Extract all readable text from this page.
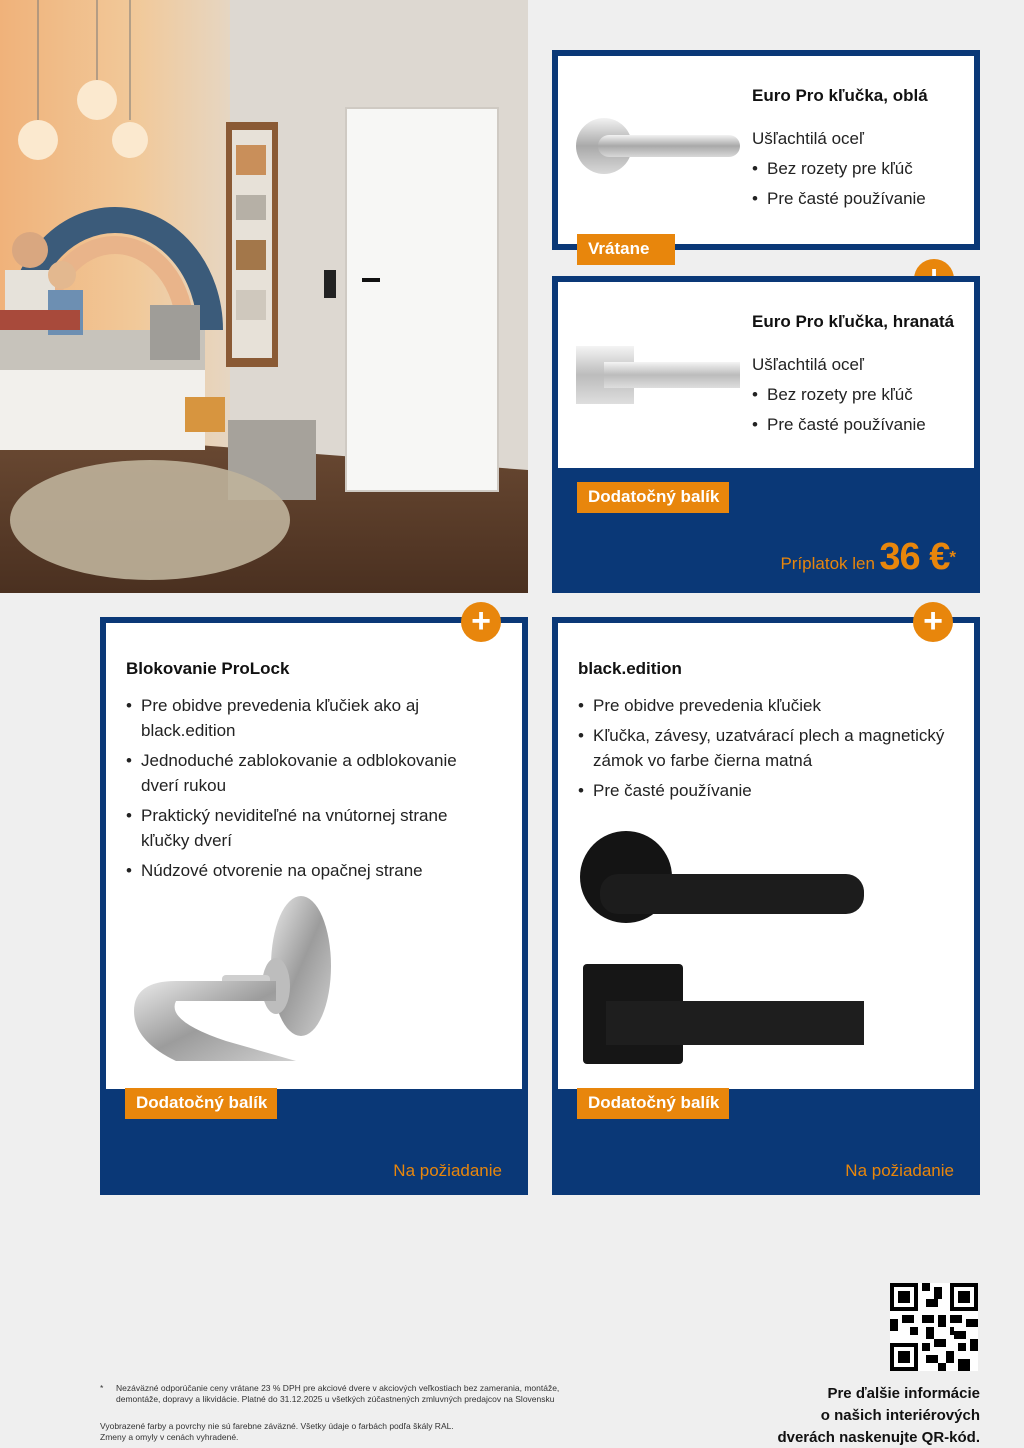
Euro Pro kľučka, oblá
Ušľachtilá oceľ
• Bez rozety pre kľúč
• Pre časté používanie
Vrátane
Euro Pro kľučka, hranatá
Ušľachtilá oceľ
• Bez rozety pre kľúč
• Pre časté používanie
Dodatočný balík
Príplatok len 36 €*
Blokovanie ProLock
• Pre obidve prevedenia kľučiek ako aj black.edition
• Jednoduché zablokovanie a odblokovanie dverí rukou
• Praktický neviditeľné na vnútornej strane kľučky dverí
• Núdzové otvorenie na opačnej strane
Dodatočný balík
Na požiadanie
+
black.edition
• Pre obidve prevedenia kľučiek
• Kľučka, závesy, uzatvárací plech a magnetický zámok vo farbe čierna matná
• Pre časté používanie
Dodatočný balík
Na požiadanie
+
* Nezáväzné odporúčanie ceny vrátane 23 % DPH pre akciové dvere v akciových veľkostiach bez zamerania, montáže, demontáže, dopravy a likvidácie. Platné do 31.12.2025 u všetkých zúčastnených zmluvných predajcov na Slovensku
Vyobrazené farby a povrchy nie sú farebne záväzné. Všetky údaje o farbách podľa škály RAL.
Zmeny a omyly v cenách vyhradené.
Pre ďalšie informácie
o našich interiérových
dverách naskenujte QR-kód.
